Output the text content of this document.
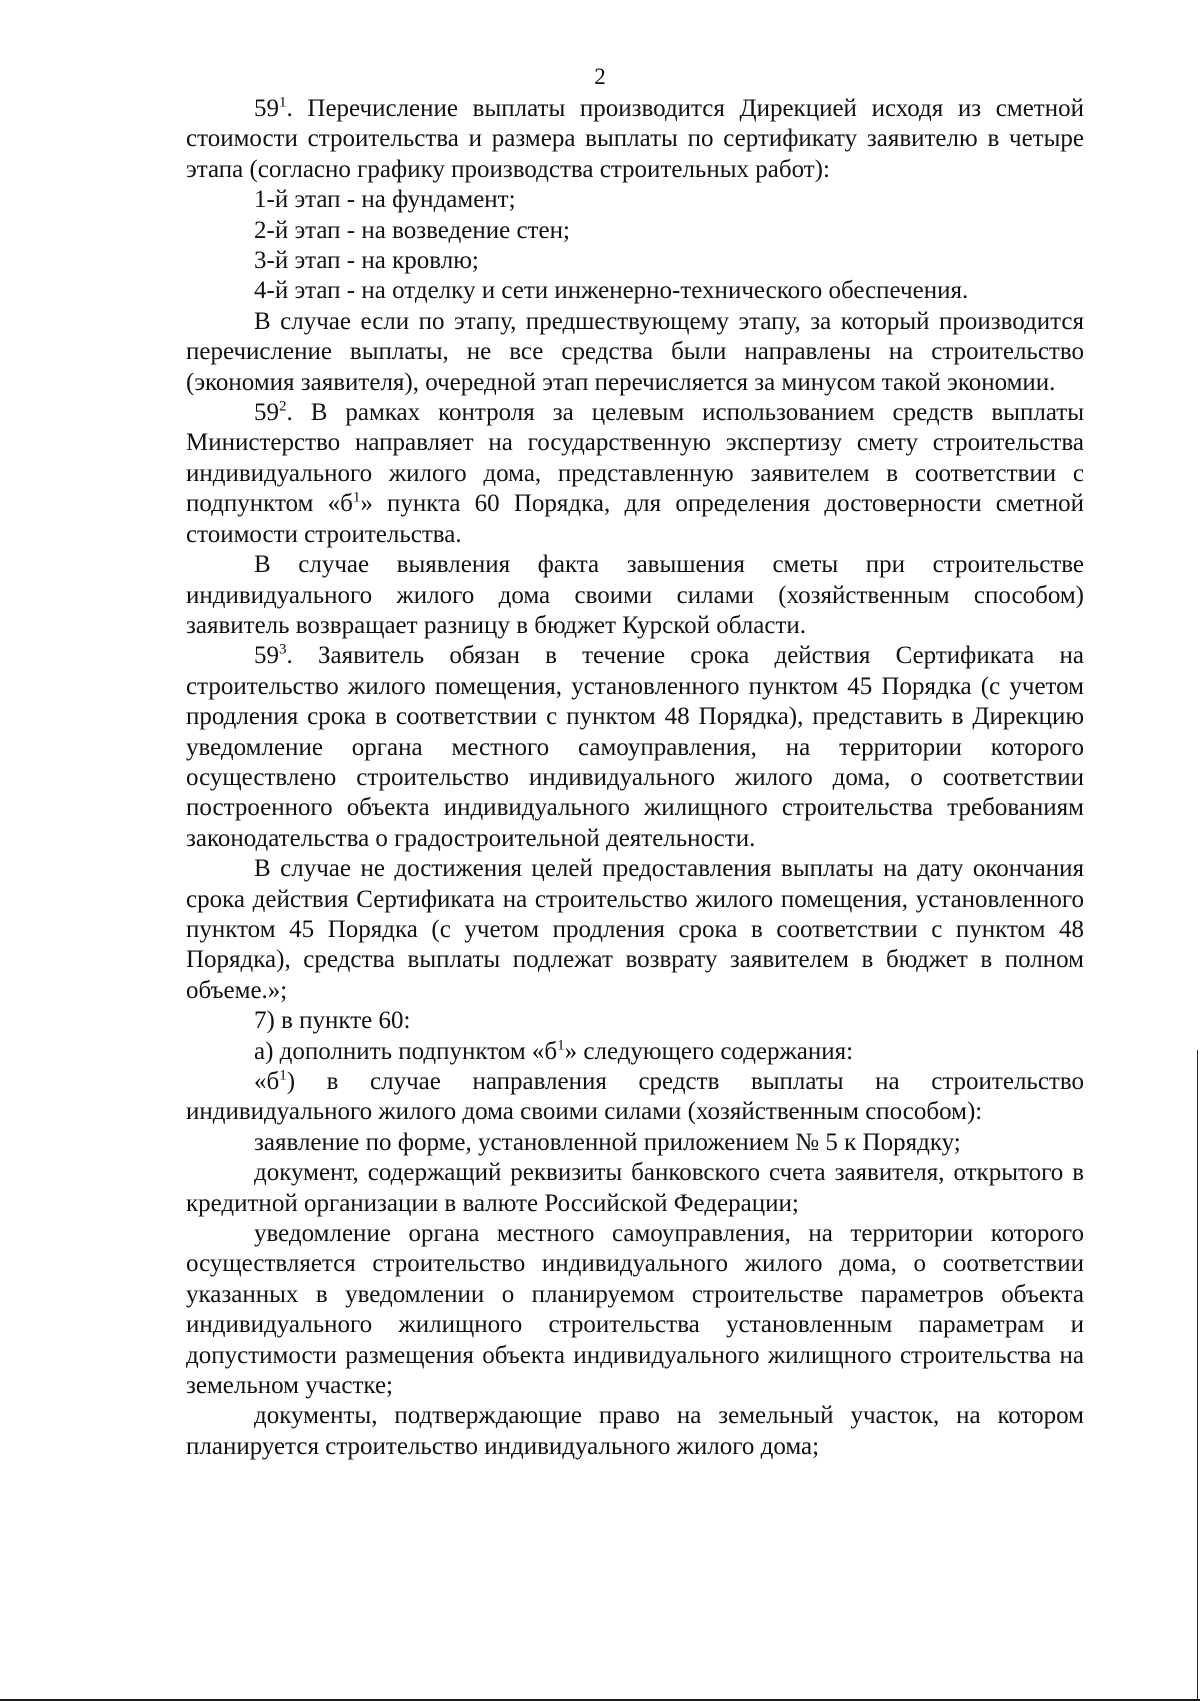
2

$59^1$. Перечисление выплаты производится Дирекцией исходя из сметной стоимости строительства и размера выплаты по сертификату заявителю в четыре этапа (согласно графику производства строительных работ):

1-й этап - на фундамент;

2-й этап - на возведение стен;

3-й этап - на кровлю;

4-й этап - на отделку и сети инженерно-технического обеспечения.

В случае если по этапу, предшествующему этапу, за который производится перечисление выплаты, не все средства были направлены на строительство (экономия заявителя), очередной этап перечисляется за минусом такой экономии.

$59^2$. В рамках контроля за целевым использованием средств выплаты Министерство направляет на государственную экспертизу смету строительства индивидуального жилого дома, представленную заявителем в соответствии с подпунктом «$б^1$» пункта 60 Порядка, для определения достоверности сметной стоимости строительства.

В случае выявления факта завышения сметы при строительстве индивидуального жилого дома своими силами (хозяйственным способом) заявитель возвращает разницу в бюджет Курской области.

$59^3$. Заявитель обязан в течение срока действия Сертификата на строительство жилого помещения, установленного пунктом 45 Порядка (с учетом продления срока в соответствии с пунктом 48 Порядка), представить в Дирекцию уведомление органа местного самоуправления, на территории которого осуществлено строительство индивидуального жилого дома, о соответствии построенного объекта индивидуального жилищного строительства требованиям законодательства о градостроительной деятельности.

В случае не достижения целей предоставления выплаты на дату окончания срока действия Сертификата на строительство жилого помещения, установленного пунктом 45 Порядка (с учетом продления срока в соответствии с пунктом 48 Порядка), средства выплаты подлежат возврату заявителем в бюджет в полном объеме.»;

7) в пункте 60:

а) дополнить подпунктом «$б^1$» следующего содержания:

«$б^1$) в случае направления средств выплаты на строительство индивидуального жилого дома своими силами (хозяйственным способом):

заявление по форме, установленной приложением № 5 к Порядку;

документ, содержащий реквизиты банковского счета заявителя, открытого в кредитной организации в валюте Российской Федерации;

уведомление органа местного самоуправления, на территории которого осуществляется строительство индивидуального жилого дома, о соответствии указанных в уведомлении о планируемом строительстве параметров объекта индивидуального жилищного строительства установленным параметрам и допустимости размещения объекта индивидуального жилищного строительства на земельном участке;

документы, подтверждающие право на земельный участок, на котором планируется строительство индивидуального жилого дома;
